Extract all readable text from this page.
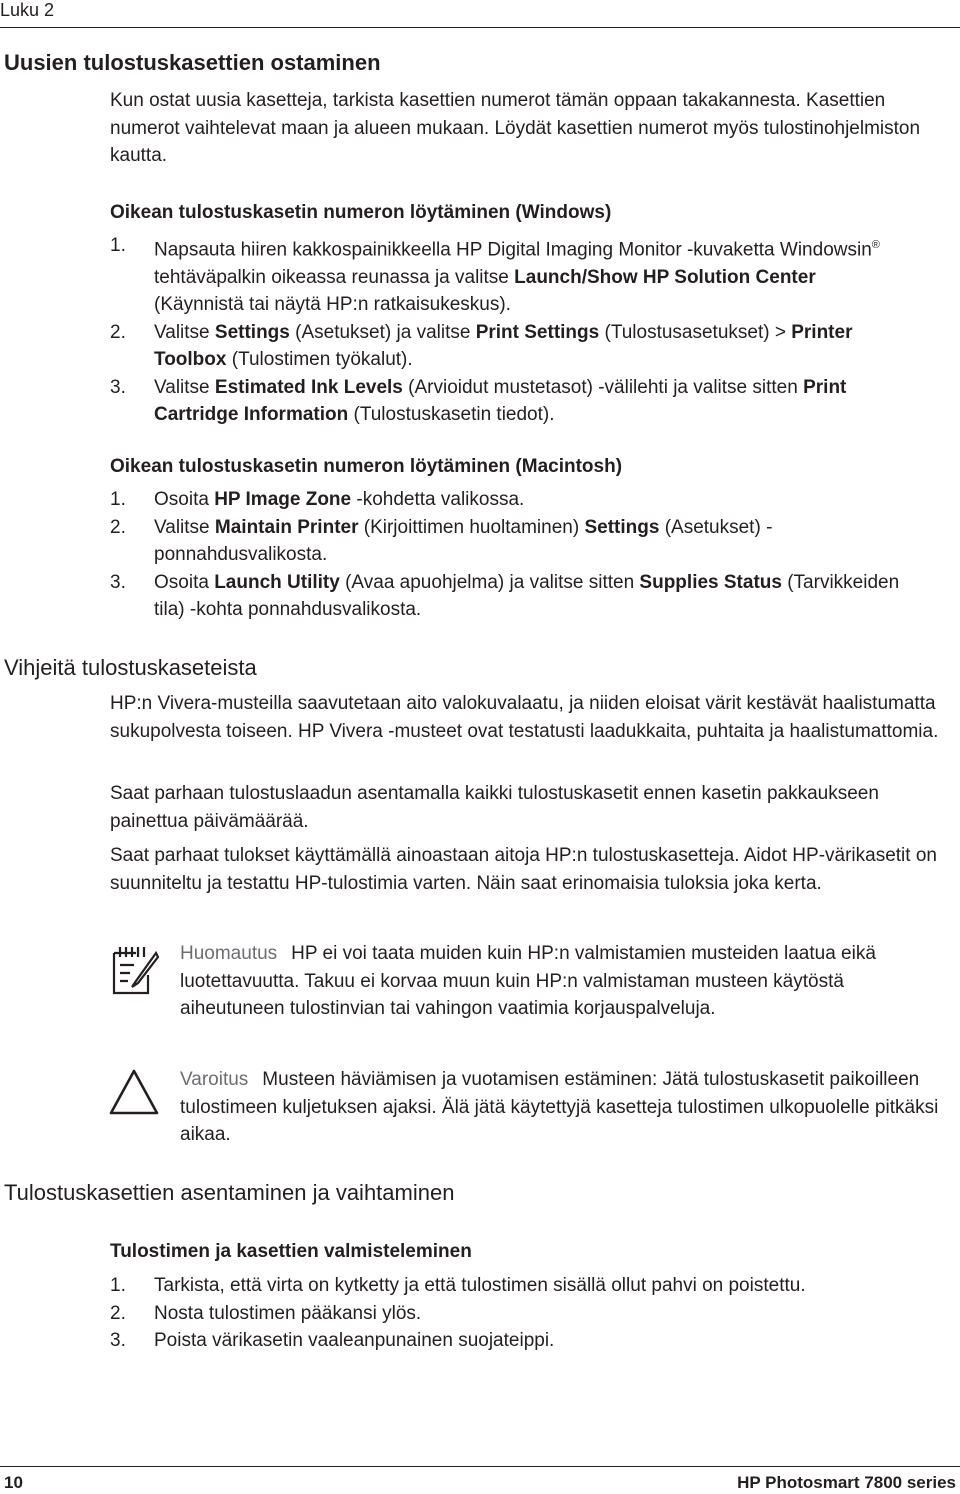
Luku 2
Uusien tulostuskasettien ostaminen

Kun ostat uusia kasetteja, tarkista kasettien numerot tämän oppaan takakannesta. Kasettien numerot vaihtelevat maan ja alueen mukaan. Löydät kasettien numerot myös tulostinohjelmiston kautta.

Oikean tulostuskasetin numeron löytäminen (Windows)
1. Napsauta hiiren kakkospainikkeella HP Digital Imaging Monitor -kuvaketta Windowsin® tehtäväpalkin oikeassa reunassa ja valitse Launch/Show HP Solution Center (Käynnistä tai näytä HP:n ratkaisukeskus).
2. Valitse Settings (Asetukset) ja valitse Print Settings (Tulostusasetukset) > Printer Toolbox (Tulostimen työkalut).
3. Valitse Estimated Ink Levels (Arvioidut mustetasot) -välilehti ja valitse sitten Print Cartridge Information (Tulostuskasetin tiedot).
Oikean tulostuskasetin numeron löytäminen (Macintosh)
1. Osoita HP Image Zone -kohdetta valikossa.
2. Valitse Maintain Printer (Kirjoittimen huoltaminen) Settings (Asetukset) -ponnahdusvalikosta.
3. Osoita Launch Utility (Avaa apuohjelma) ja valitse sitten Supplies Status (Tarvikkeiden tila) -kohta ponnahdusvalikosta.
Vihjeitä tulostuskaseteista

HP:n Vivera-musteilla saavutetaan aito valokuvalaatu, ja niiden eloisat värit kestävät haalistumatta sukupolvesta toiseen. HP Vivera -musteet ovat testatusti laadukkaita, puhtaita ja haalistumattomia.

Saat parhaan tulostuslaadun asentamalla kaikki tulostuskasetit ennen kasetin pakkaukseen painettua päivämäärää.

Saat parhaat tulokset käyttämällä ainoastaan aitoja HP:n tulostuskasetteja. Aidot HP-värikasetit on suunniteltu ja testattu HP-tulostimia varten. Näin saat erinomaisia tuloksia joka kerta.

Huomautus HP ei voi taata muiden kuin HP:n valmistamien musteiden laatua eikä luotettavuutta. Takuu ei korvaa muun kuin HP:n valmistaman musteen käytöstä aiheutuneen tulostinvian tai vahingon vaatimia korjauspalveluja.

Varoitus Musteen häviämisen ja vuotamisen estäminen: Jätä tulostuskasetit paikoilleen tulostimeen kuljetuksen ajaksi. Älä jätä käytettyjä kasetteja tulostimen ulkopuolelle pitkäksi aikaa.

Tulostuskasettien asentaminen ja vaihtaminen
Tulostimen ja kasettien valmisteleminen
1. Tarkista, että virta on kytketty ja että tulostimen sisällä ollut pahvi on poistettu.
2. Nosta tulostimen pääkansi ylös.
3. Poista värikasetin vaaleanpunainen suojateippi.
10	HP Photosmart 7800 series
